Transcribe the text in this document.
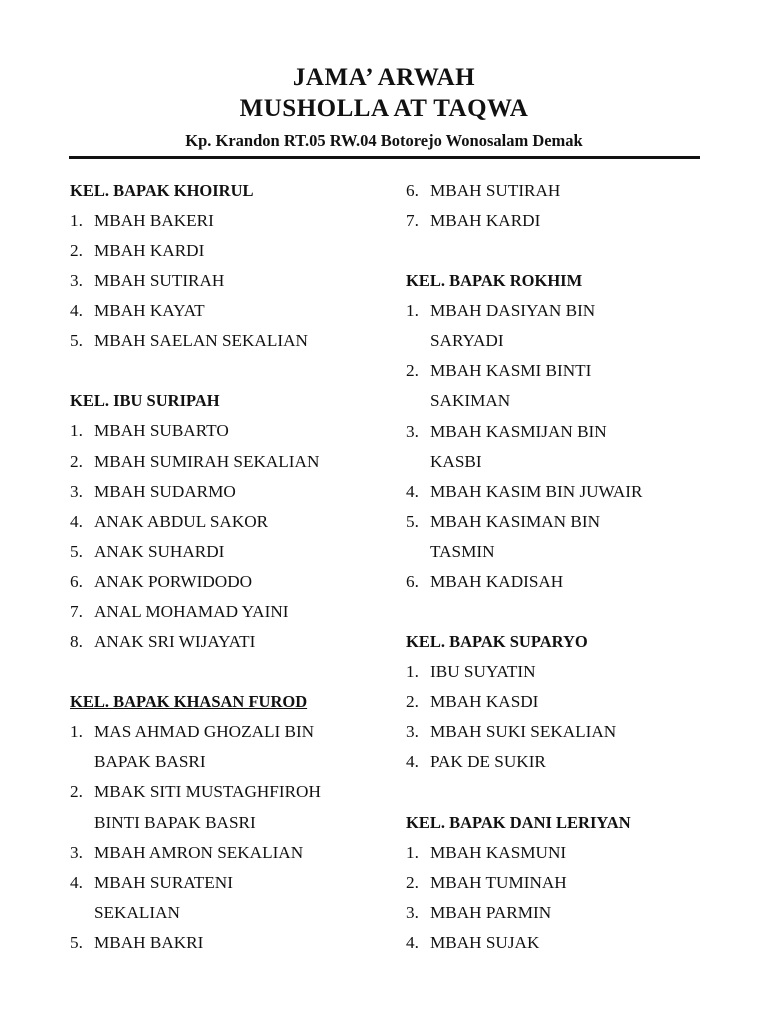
JAMA’ ARWAH
MUSHOLLA AT TAQWA
Kp. Krandon RT.05 RW.04 Botorejo Wonosalam Demak
KEL. BAPAK KHOIRUL
1. MBAH BAKERI
2. MBAH KARDI
3. MBAH SUTIRAH
4. MBAH KAYAT
5. MBAH SAELAN SEKALIAN
KEL. IBU SURIPAH
1. MBAH SUBARTO
2. MBAH SUMIRAH SEKALIAN
3. MBAH SUDARMO
4. ANAK ABDUL SAKOR
5. ANAK SUHARDI
6. ANAK PORWIDODO
7. ANAL MOHAMAD YAINI
8. ANAK SRI WIJAYATI
KEL. BAPAK KHASAN FUROD
1. MAS AHMAD GHOZALI BIN
BAPAK BASRI
2. MBAK SITI MUSTAGHFIROH
BINTI BAPAK BASRI
3. MBAH AMRON SEKALIAN
4. MBAH SURATENI
SEKALIAN
5. MBAH BAKRI
6. MBAH SUTIRAH
7. MBAH KARDI
KEL. BAPAK ROKHIM
1. MBAH DASIYAN BIN
SARYADI
2. MBAH KASMI BINTI
SAKIMAN
3. MBAH KASMIJAN BIN
KASBI
4. MBAH KASIM BIN JUWAIR
5. MBAH KASIMAN BIN
TASMIN
6. MBAH KADISAH
KEL. BAPAK SUPARYO
1. IBU SUYATIN
2. MBAH KASDI
3. MBAH SUKI SEKALIAN
4. PAK DE SUKIR
KEL. BAPAK DANI LERIYAN
1. MBAH KASMUNI
2. MBAH TUMINAH
3. MBAH PARMIN
4. MBAH SUJAK
